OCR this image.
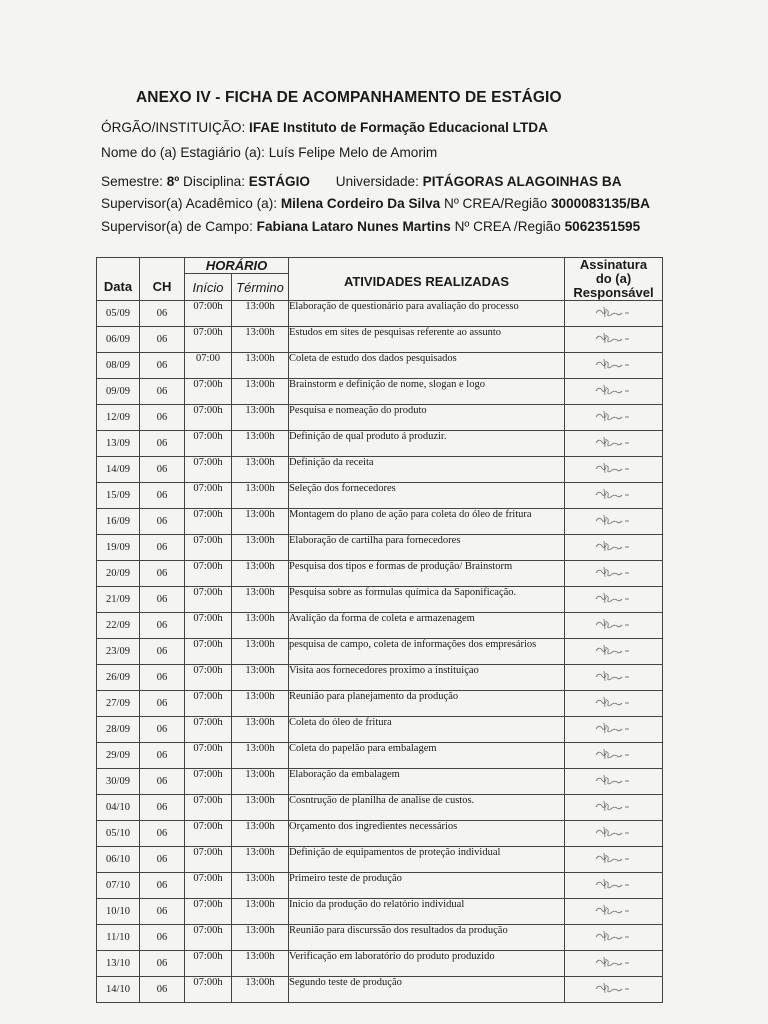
ANEXO IV - FICHA DE ACOMPANHAMENTO DE ESTÁGIO
ÓRGÃO/INSTITUIÇÃO: IFAE Instituto de Formação Educacional LTDA
Nome do (a) Estagiário (a): Luís Felipe Melo de Amorim
Semestre: 8º Disciplina: ESTÁGIO Universidade: PITÁGORAS ALAGOINHAS BA
Supervisor(a) Acadêmico (a): Milena Cordeiro Da Silva Nº CREA/Região 3000083135/BA
Supervisor(a) de Campo: Fabiana Lataro Nunes Martins Nº CREA /Região 5062351595
Data	CH	HORÁRIO		ATIVIDADES REALIZADAS	Assinatura
do (a)
Responsável

		Início	Término		
05/09	06	07:00h	13:00h	Elaboração de questionário para avaliação do processo	
06/09	06	07:00h	13:00h	Estudos em sites de pesquisas referente ao assunto	
08/09	06	07:00	13:00h	Coleta de estudo dos dados pesquisados	
09/09	06	07:00h	13:00h	Brainstorm e definição de nome, slogan e logo	
12/09	06	07:00h	13:00h	Pesquisa e nomeação do produto	
13/09	06	07:00h	13:00h	Definição de qual produto á produzir.	
14/09	06	07:00h	13:00h	Definição da receita	
15/09	06	07:00h	13:00h	Seleção dos fornecedores	
16/09	06	07:00h	13:00h	Montagem do plano de ação para coleta do óleo de fritura	
19/09	06	07:00h	13:00h	Elaboração de cartilha para fornecedores	
20/09	06	07:00h	13:00h	Pesquisa dos tipos e formas de produção/ Brainstorm	
21/09	06	07:00h	13:00h	Pesquisa sobre as formulas química da Saponificação.	
22/09	06	07:00h	13:00h	Avalição da forma de coleta e armazenagem	
23/09	06	07:00h	13:00h	pesquisa de campo, coleta de informações dos empresários	
26/09	06	07:00h	13:00h	Visita aos fornecedores proximo a instituiçao	
27/09	06	07:00h	13:00h	Reunião para planejamento da produção	
28/09	06	07:00h	13:00h	Coleta do óleo de fritura	
29/09	06	07:00h	13:00h	Coleta do papelão para embalagem	
30/09	06	07:00h	13:00h	Elaboração da embalagem	
04/10	06	07:00h	13:00h	Cosntrução de planilha de analise de custos.	
05/10	06	07:00h	13:00h	Orçamento dos ingredientes necessários	
06/10	06	07:00h	13:00h	Definição de equipamentos de proteção individual	
07/10	06	07:00h	13:00h	Primeiro teste de produção	
10/10	06	07:00h	13:00h	Inicio da produção do relatório individual	
11/10	06	07:00h	13:00h	Reunião para discurssão dos resultados da produção	
13/10	06	07:00h	13:00h	Verificação em laboratório do produto produzido	
14/10	06	07:00h	13:00h	Segundo teste de produção	
